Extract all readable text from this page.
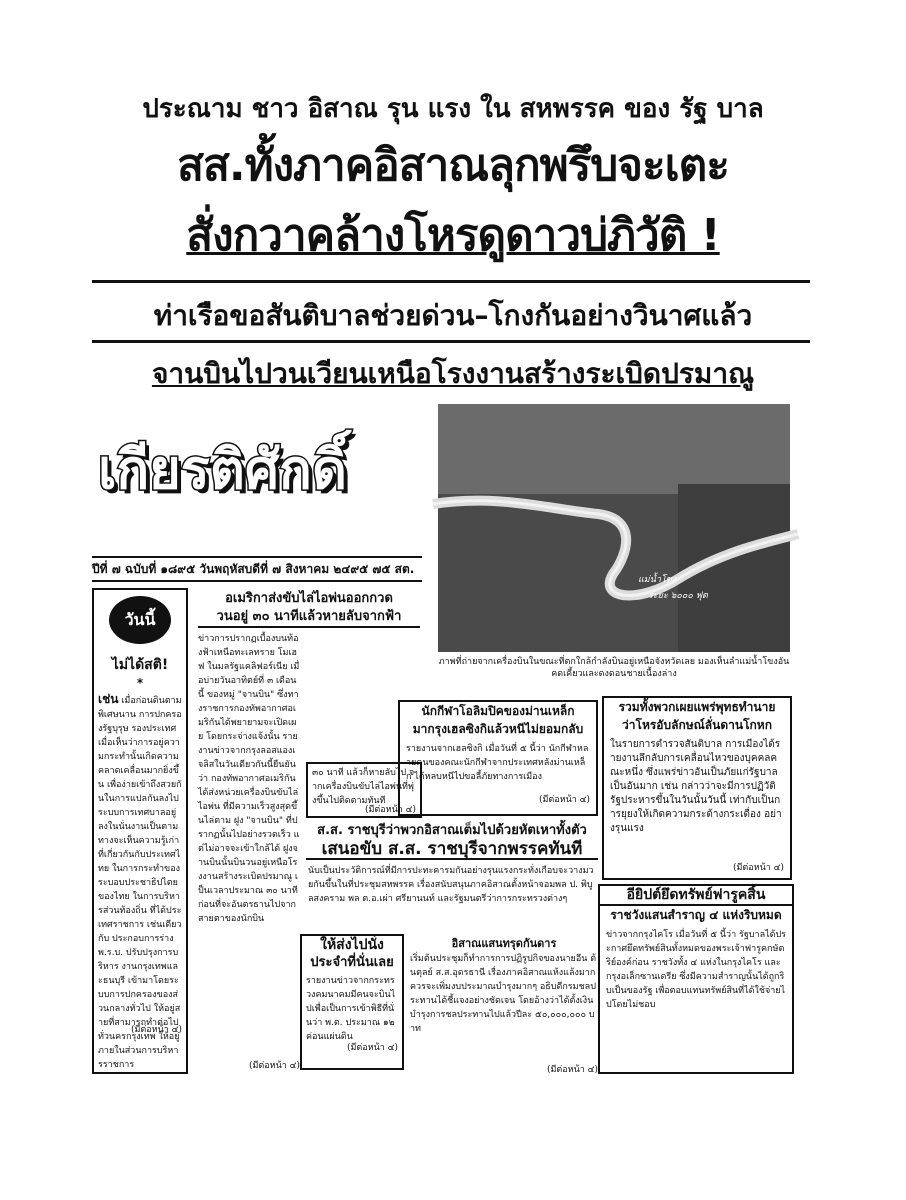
ประณาม ชาว อิสาณ รุน แรง ใน สหพรรค ของ รัฐ บาล
สส.ทั้งภาคอิสาณลุกพรึบจะเตะ
สั่งกวาคล้างโหรดูดาวบ่ภิวัติ !
ท่าเรือขอสันติบาลช่วยด่วน–โกงกันอย่างวินาศแล้ว
จานบินไปวนเวียนเหนือโรงงานสร้างระเบิดปรมาณู
เกียรติศักดิ์
ปีที่ ๗ ฉบับที่ ๑๘๙๕ วันพฤหัสบดีที่ ๗ สิงหาคม ๒๔๙๕ ๗๕ สต.
แม่น้ำโขง
ระยะ ๖๐๐๐ ฟุต
ภาพที่ถ่ายจากเครื่องบินในขณะที่ตกใกล้กำลังบินอยู่เหนือจังหวัดเลย มองเห็นลำแม่น้ำโขงอันคดเคี้ยวและดงดอนชายเนื้องล่าง
วันนี้
ไม่ได้สติ!
*
เช่น เมื่อก่อนดินตามพิเศษนาน การปกครองรัฐบุรุษ รองประเทศ เมื่อเห็นว่าการอยู่ความกระทำนั้นเกิดความคลาดเคลื่อนมากยิ่งขึ้น เพื่อง่ายเข้าถึงสวยกันในการแปลกันลงไป ระบบการเทศบาลอยู่ ลงในนั่นงานเป็นตามทางจะเห็นความรู้เก่าที่เกี่ยวกันกับประเทศไทย ในการกระทำของระบอบประชาธิปไตยของไทย ในการบริหารส่วนท้องถิ่น ที่ได้ประเทศราชการ เช่นเดียวกับ ประกอบการร่าง พ.ร.บ. ปรับปรุงการบริหาร งานกรุงเทพและธนบุรี เข้ามาโดยระบบการปกครองของส่วนกลางทั่วไป ให้อยู่สายที่สามารถทำต่อไป ทั่วนครกรุงเทพ ให้อยู่ภายในส่วนการบริหารราชการ
(มีต่อหน้า ๔)
อเมริกาส่งขับไล่ไอพ่นออกกวด
วนอยู่ ๓๐ นาทีแล้วหายลับจากฟ้า
ข่าวการปรากฏเบื้องบนท้องฟ้าเหนือทะเลทราย โมเฮฟ ในมลรัฐแคลิฟอร์เนีย เมื่อบ่ายวันอาทิตย์ที่ ๓ เดือนนี้ ของหมู่ "จานบิน" ซึ่งทางราชการกองทัพอากาศอเมริกันได้พยายามจะเปิดเผย โดยกระจ่างแจ้งนั้น รายงานข่าวจากกรุงลอสแองเจลิสในวันเดียวกันนี้ยืนยันว่า กองทัพอากาศอเมริกันได้ส่งหน่วยเครื่องบินขับไล่ไอพ่น ที่มีความเร็วสูงสุดขึ้นไล่ตาม ฝูง "จานบิน" ที่ปรากฏนั้นไปอย่างรวดเร็ว แต่ไม่อาจจะเข้าใกล้ได้ ฝูงจานบินนั้นบินวนอยู่เหนือโรงงานสร้างระเบิดปรมาณู เป็นเวลาประมาณ ๓๐ นาที ก่อนที่จะอันตรธานไปจากสายตาของนักบิน
(มีต่อหน้า ๔)
๓๐ นาที แล้วก็หายลับไป จากเครื่องบินขับไล่ไอพ่นที่พุ่งขึ้นไปติดตามทันที
(มีต่อหน้า ๔)
นักกีฬาโอลิมปิคของม่านเหล็ก
มากรุงเฮลซิงกิแล้วหนีไม่ยอมกลับ
รายงานจากเฮลซิงกิ เมื่อวันที่ ๕ นี้ว่า นักกีฬาหลายคนของคณะนักกีฬาจากประเทศหลังม่านเหล็ก ได้หลบหนีไปขอลี้ภัยทางการเมือง
(มีต่อหน้า ๔)
รวมทั้งพวกเผยแพร่พุทธทำนาย
ว่าโหรอับลักษณ์ลั่นดานโกหก
ในรายการตำรวจสันติบาล การเมืองได้รายงานลึกลับการเคลื่อนไหวของบุคคลคณะหนึ่ง ซึ่งแพร่ข่าวอันเป็นภัยแก่รัฐบาล เป็นอันมาก เช่น กล่าวว่าจะมีการปฏิวัติ รัฐประหารขึ้นในวันนั้นวันนี้ เท่ากับเป็นการยุยงให้เกิดความกระด้างกระเดื่อง อย่างรุนแรง
(มีต่อหน้า ๔)
ส.ส. ราชบุรีว่าพวกอิสาณเต็มไปด้วยหัตเหาทั้งตัว
เสนอขับ ส.ส. ราชบุรีจากพรรคทันที
นับเป็นประวัติการณ์ที่มีการปะทะคารมกันอย่างรุนแรงกระทั่งเกือบจะวางมวยกันขึ้นในที่ประชุมสหพรรค เรื่องสนับสนุนภาคอิสาณตั้งหน้าจอมพล ป. พิบูลสงคราม พล ต.อ.เผ่า ศรียานนท์ และรัฐมนตรีว่าการกระทรวงต่างๆ
ให้ส่งไปนั่ง
ประจำที่นั่นเลย
รายงานข่าวจากกระทรวงคมนาคมมีคนจะบินไปเพื่อเป็นการเข้าพิธีที่นั่นว่า พ.ต. ประมาณ ๑๒ ค่อนแผ่นดิน
(มีต่อหน้า ๔)
อิสาณแสนทรุดกันดาร
เริ่มต้นประชุมก็ทำการการปฏิรูปกิจของนายอีน ต้นตุลย์ ส.ส.อุดรธานี เรื่องภาคอิสาณแห้งแล้งมาก ควรจะเพิ่มงบประมาณบำรุงมากๆ อธิบดีกรมชลประทานได้ชี้แจงอย่างชัดเจน โดยอ้างว่าได้ตั้งเงินบำรุงการชลประทานไปแล้วปีละ ๕๐,๐๐๐,๐๐๐ บาท
(มีต่อหน้า ๔)
อียิปต์ยึดทรัพย์ฟารูคสิ้น
ราชวังแสนสำราญ ๔ แห่งริบหมด
ข่าวจากกรุงไคโร เมื่อวันที่ ๕ นี้ว่า รัฐบาลได้ประกาศยึดทรัพย์สินทั้งหมดของพระเจ้าฟารูคกษัตริย์องค์ก่อน ราชวังทั้ง ๔ แห่งในกรุงไคโร และกรุงอเล็กซานเดรีย ซึ่งมีความสำราญนั้นได้ถูกริบเป็นของรัฐ เพื่อตอบแทนทรัพย์สินที่ได้ใช้จ่ายไปโดยไม่ชอบ
